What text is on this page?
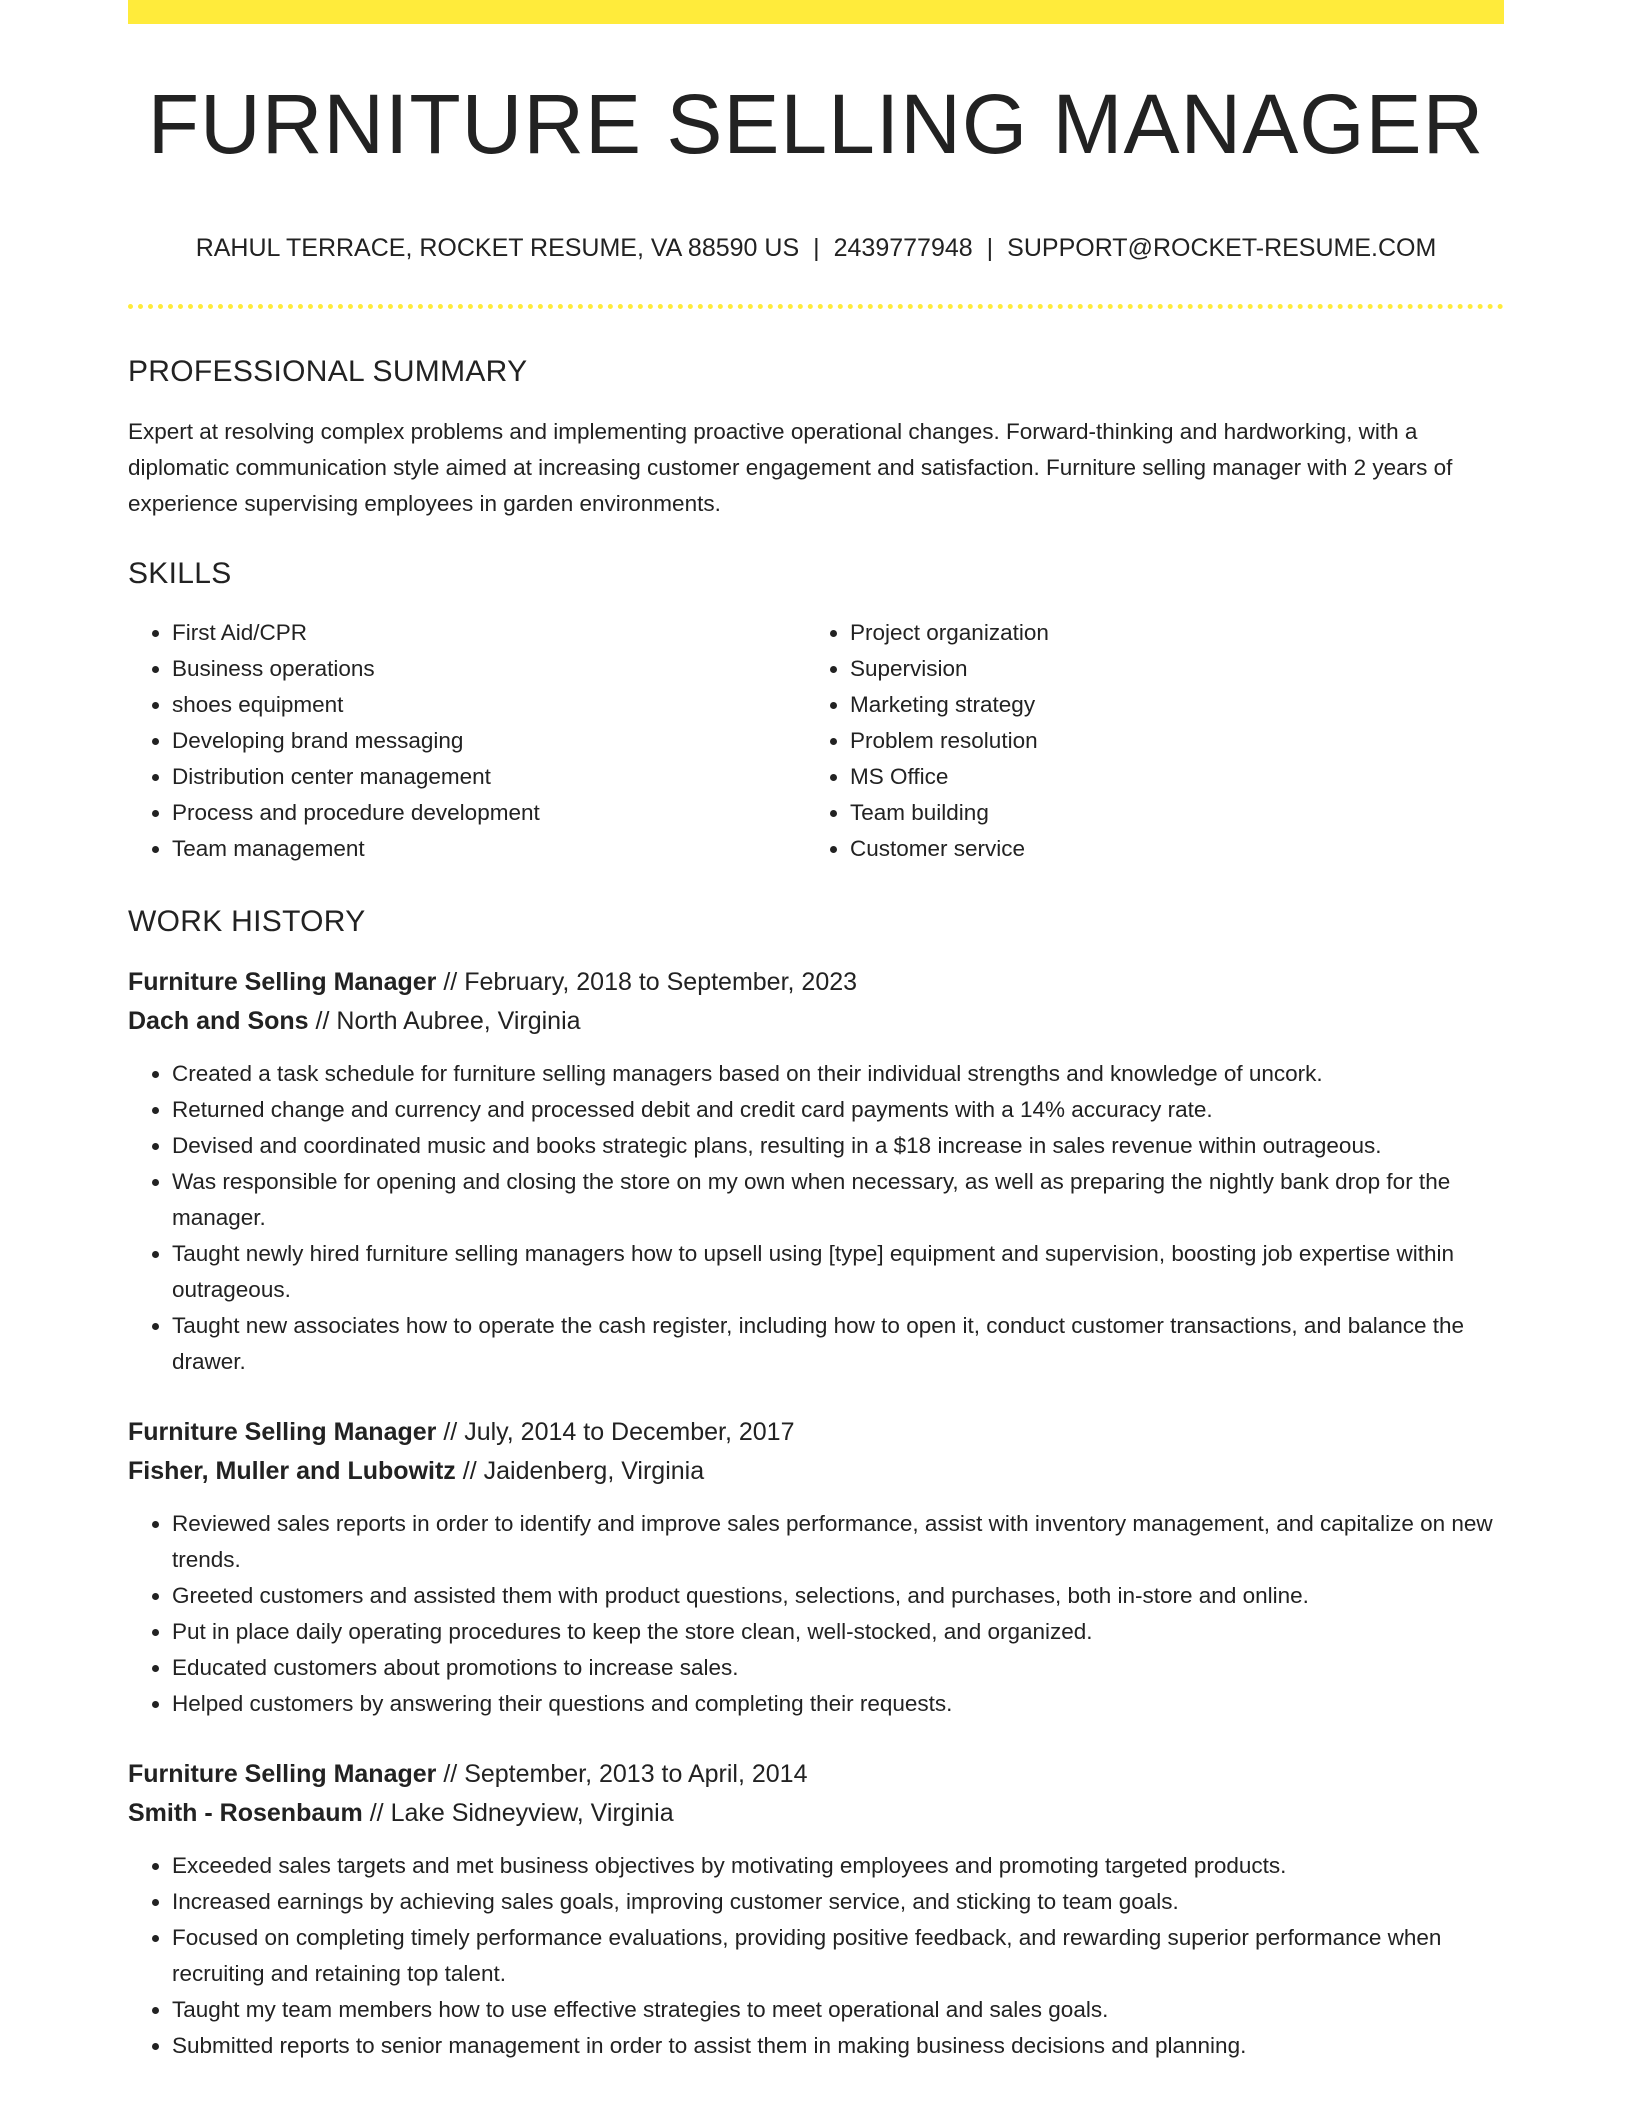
FURNITURE SELLING MANAGER
RAHUL TERRACE, ROCKET RESUME, VA 88590 US | 2439777948 | SUPPORT@ROCKET-RESUME.COM
PROFESSIONAL SUMMARY
Expert at resolving complex problems and implementing proactive operational changes. Forward-thinking and hardworking, with a diplomatic communication style aimed at increasing customer engagement and satisfaction. Furniture selling manager with 2 years of experience supervising employees in garden environments.
SKILLS
• First Aid/CPR
• Business operations
• shoes equipment
• Developing brand messaging
• Distribution center management
• Process and procedure development
• Team management
• Project organization
• Supervision
• Marketing strategy
• Problem resolution
• MS Office
• Team building
• Customer service
WORK HISTORY
Furniture Selling Manager // February, 2018 to September, 2023
Dach and Sons // North Aubree, Virginia
• Created a task schedule for furniture selling managers based on their individual strengths and knowledge of uncork.
• Returned change and currency and processed debit and credit card payments with a 14% accuracy rate.
• Devised and coordinated music and books strategic plans, resulting in a $18 increase in sales revenue within outrageous.
• Was responsible for opening and closing the store on my own when necessary, as well as preparing the nightly bank drop for the manager.
• Taught newly hired furniture selling managers how to upsell using [type] equipment and supervision, boosting job expertise within outrageous.
• Taught new associates how to operate the cash register, including how to open it, conduct customer transactions, and balance the drawer.
Furniture Selling Manager // July, 2014 to December, 2017
Fisher, Muller and Lubowitz // Jaidenberg, Virginia
• Reviewed sales reports in order to identify and improve sales performance, assist with inventory management, and capitalize on new trends.
• Greeted customers and assisted them with product questions, selections, and purchases, both in-store and online.
• Put in place daily operating procedures to keep the store clean, well-stocked, and organized.
• Educated customers about promotions to increase sales.
• Helped customers by answering their questions and completing their requests.
Furniture Selling Manager // September, 2013 to April, 2014
Smith - Rosenbaum // Lake Sidneyview, Virginia
• Exceeded sales targets and met business objectives by motivating employees and promoting targeted products.
• Increased earnings by achieving sales goals, improving customer service, and sticking to team goals.
• Focused on completing timely performance evaluations, providing positive feedback, and rewarding superior performance when recruiting and retaining top talent.
• Taught my team members how to use effective strategies to meet operational and sales goals.
• Submitted reports to senior management in order to assist them in making business decisions and planning.
